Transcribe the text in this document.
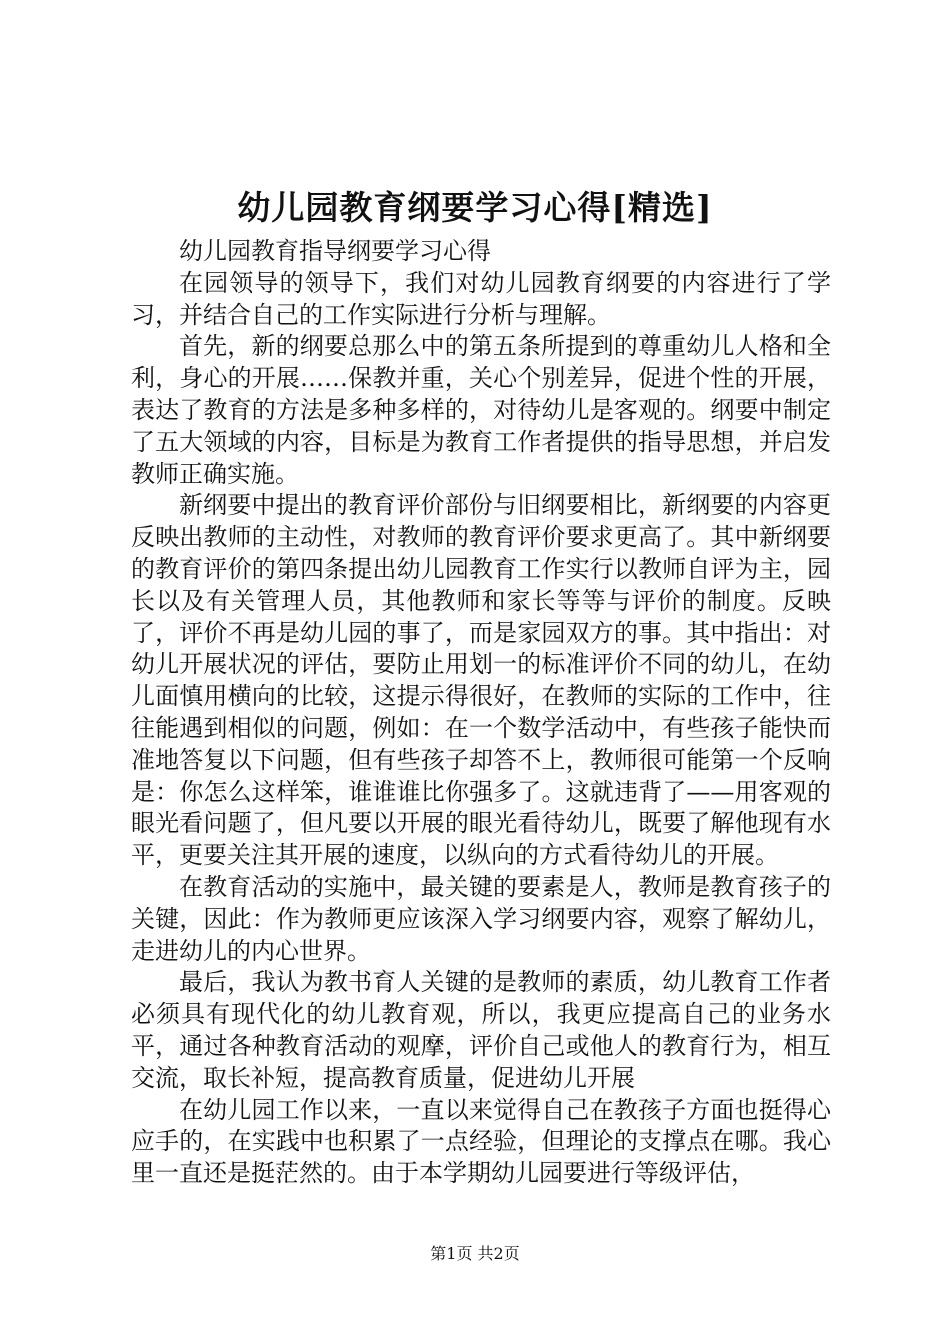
幼儿园教育纲要学习心得[精选]

幼儿园教育指导纲要学习心得

在园领导的领导下，我们对幼儿园教育纲要的内容进行了学习，并结合自己的工作实际进行分析与理解。

首先，新的纲要总那么中的第五条所提到的尊重幼儿人格和全利，身心的开展……保教并重，关心个别差异，促进个性的开展，表达了教育的方法是多种多样的，对待幼儿是客观的。纲要中制定了五大领域的内容，目标是为教育工作者提供的指导思想，并启发教师正确实施。

新纲要中提出的教育评价部份与旧纲要相比，新纲要的内容更反映出教师的主动性，对教师的教育评价要求更高了。其中新纲要的教育评价的第四条提出幼儿园教育工作实行以教师自评为主，园长以及有关管理人员，其他教师和家长等等与评价的制度。反映了，评价不再是幼儿园的事了，而是家园双方的事。其中指出：对幼儿开展状况的评估，要防止用划一的标准评价不同的幼儿，在幼儿面慎用横向的比较，这提示得很好，在教师的实际的工作中，往往能遇到相似的问题，例如：在一个数学活动中，有些孩子能快而准地答复以下问题，但有些孩子却答不上，教师很可能第一个反响是：你怎么这样笨，谁谁谁比你强多了。这就违背了——用客观的眼光看问题了，但凡要以开展的眼光看待幼儿，既要了解他现有水平，更要关注其开展的速度，以纵向的方式看待幼儿的开展。

在教育活动的实施中，最关键的要素是人，教师是教育孩子的关键，因此：作为教师更应该深入学习纲要内容，观察了解幼儿，走进幼儿的内心世界。

最后，我认为教书育人关键的是教师的素质，幼儿教育工作者必须具有现代化的幼儿教育观，所以，我更应提高自己的业务水平，通过各种教育活动的观摩，评价自己或他人的教育行为，相互交流，取长补短，提高教育质量，促进幼儿开展

在幼儿园工作以来，一直以来觉得自己在教孩子方面也挺得心应手的，在实践中也积累了一点经验，但理论的支撑点在哪。我心里一直还是挺茫然的。由于本学期幼儿园要进行等级评估，

第1页 共2页
